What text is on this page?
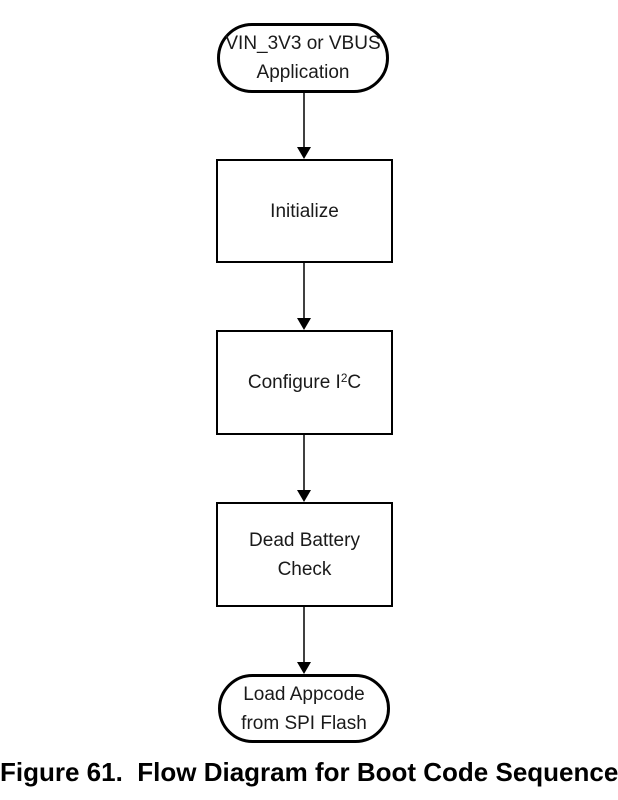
VIN_3V3 or VBUS
Application
Initialize
Configure $I^2C$
Dead Battery
Check
Load Appcode
from SPI Flash
Figure 61.  Flow Diagram for Boot Code Sequence
